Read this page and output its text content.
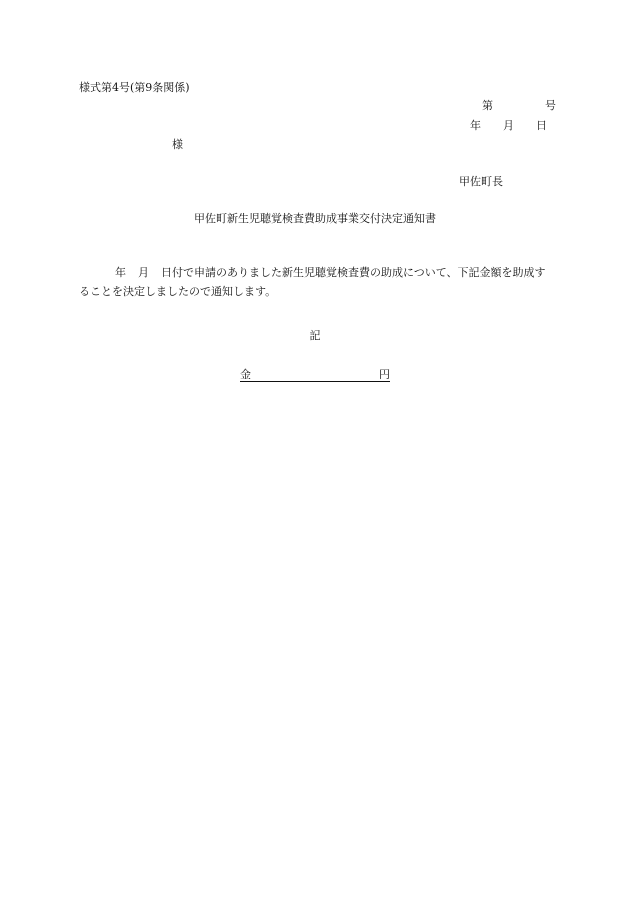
様式第4号(第9条関係)
第	号
年 月 日
様
甲佐町長
甲佐町新生児聴覚検査費助成事業交付決定通知書
年 月 日付で申請のありました新生児聴覚検査費の助成について、下記金額を助成することを決定しましたので通知します。
記
金	円
